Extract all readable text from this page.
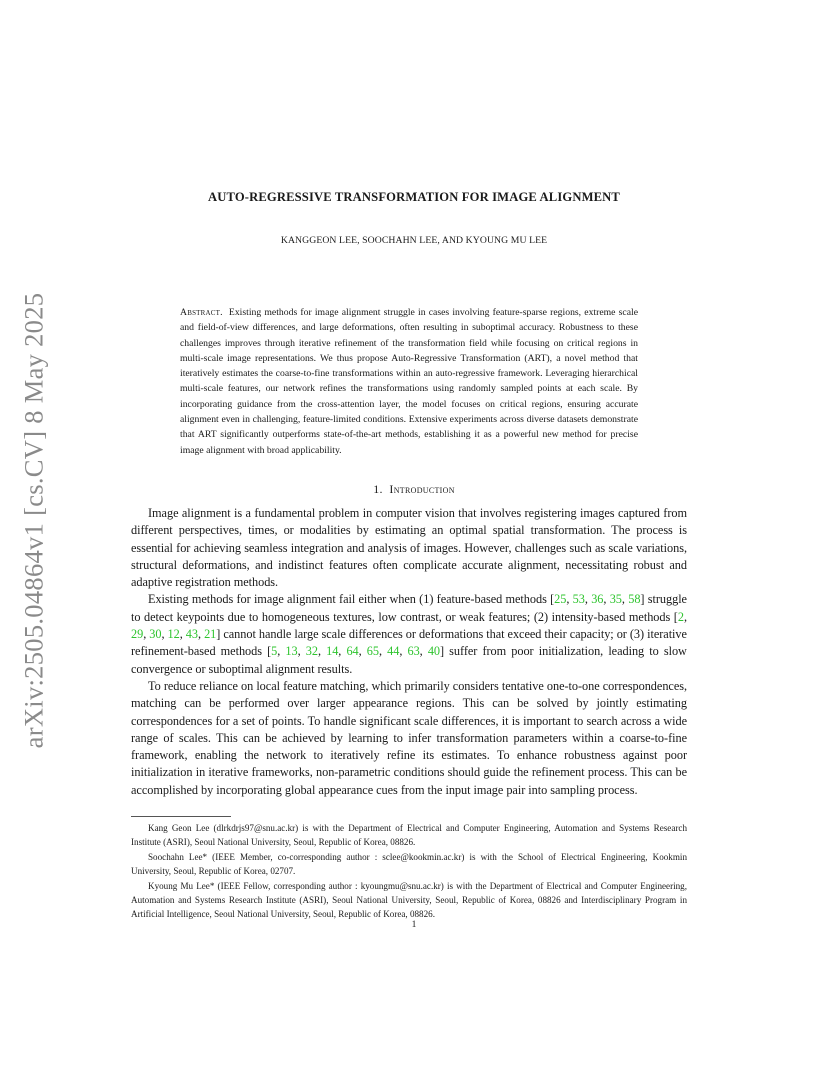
arXiv:2505.04864v1 [cs.CV] 8 May 2025
AUTO-REGRESSIVE TRANSFORMATION FOR IMAGE ALIGNMENT
KANGGEON LEE, SOOCHAHN LEE, AND KYOUNG MU LEE
Abstract. Existing methods for image alignment struggle in cases involving feature-sparse regions, extreme scale and field-of-view differences, and large deformations, often resulting in suboptimal accuracy. Robustness to these challenges improves through iterative refinement of the transformation field while focusing on critical regions in multi-scale image representations. We thus propose Auto-Regressive Transformation (ART), a novel method that iteratively estimates the coarse-to-fine transformations within an auto-regressive framework. Leveraging hierarchical multi-scale features, our network refines the transformations using randomly sampled points at each scale. By incorporating guidance from the cross-attention layer, the model focuses on critical regions, ensuring accurate alignment even in challenging, feature-limited conditions. Extensive experiments across diverse datasets demonstrate that ART significantly outperforms state-of-the-art methods, establishing it as a powerful new method for precise image alignment with broad applicability.
1. Introduction

Image alignment is a fundamental problem in computer vision that involves registering images captured from different perspectives, times, or modalities by estimating an optimal spatial transformation. The process is essential for achieving seamless integration and analysis of images. However, challenges such as scale variations, structural deformations, and indistinct features often complicate accurate alignment, necessitating robust and adaptive registration methods.

Existing methods for image alignment fail either when (1) feature-based methods [25, 53, 36, 35, 58] struggle to detect keypoints due to homogeneous textures, low contrast, or weak features; (2) intensity-based methods [2, 29, 30, 12, 43, 21] cannot handle large scale differences or deformations that exceed their capacity; or (3) iterative refinement-based methods [5, 13, 32, 14, 64, 65, 44, 63, 40] suffer from poor initialization, leading to slow convergence or suboptimal alignment results.

To reduce reliance on local feature matching, which primarily considers tentative one-to-one correspondences, matching can be performed over larger appearance regions. This can be solved by jointly estimating correspondences for a set of points. To handle significant scale differences, it is important to search across a wide range of scales. This can be achieved by learning to infer transformation parameters within a coarse-to-fine framework, enabling the network to iteratively refine its estimates. To enhance robustness against poor initialization in iterative frameworks, non-parametric conditions should guide the refinement process. This can be accomplished by incorporating global appearance cues from the input image pair into sampling process.

Kang Geon Lee (dlrkdrjs97@snu.ac.kr) is with the Department of Electrical and Computer Engineering, Automation and Systems Research Institute (ASRI), Seoul National University, Seoul, Republic of Korea, 08826.

Soochahn Lee* (IEEE Member, co-corresponding author : sclee@kookmin.ac.kr) is with the School of Electrical Engineering, Kookmin University, Seoul, Republic of Korea, 02707.

Kyoung Mu Lee* (IEEE Fellow, corresponding author : kyoungmu@snu.ac.kr) is with the Department of Electrical and Computer Engineering, Automation and Systems Research Institute (ASRI), Seoul National University, Seoul, Republic of Korea, 08826 and Interdisciplinary Program in Artificial Intelligence, Seoul National University, Seoul, Republic of Korea, 08826.

1
